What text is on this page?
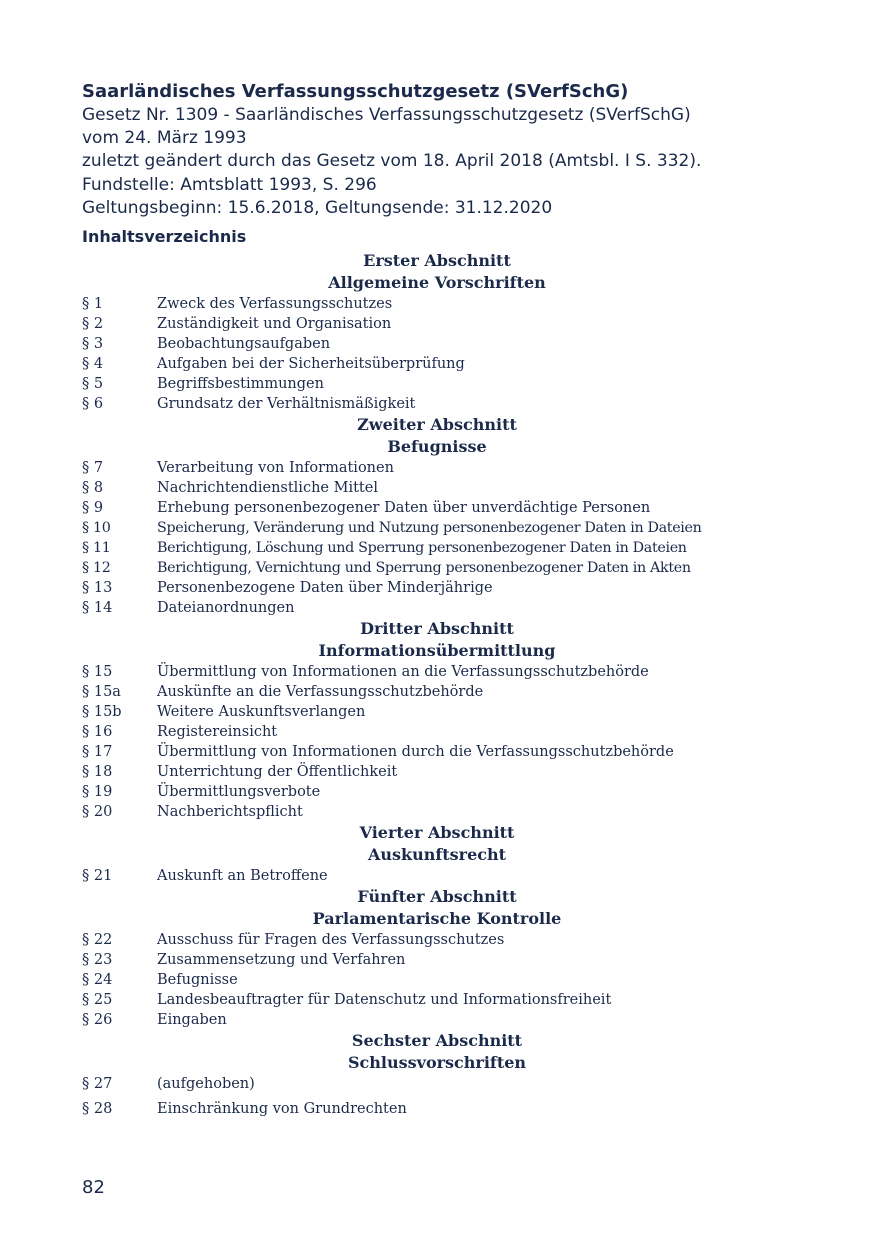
Saarländisches Verfassungsschutzgesetz (SVerfSchG)
Gesetz Nr. 1309 - Saarländisches Verfassungsschutzgesetz (SVerfSchG)
vom 24. März 1993
zuletzt geändert durch das Gesetz vom 18. April 2018 (Amtsbl. I S. 332).
Fundstelle: Amtsblatt 1993, S. 296
Geltungsbeginn: 15.6.2018, Geltungsende: 31.12.2020
Inhaltsverzeichnis
Erster Abschnitt
Allgemeine Vorschriften
§ 1	Zweck des Verfassungsschutzes
§ 2	Zuständigkeit und Organisation
§ 3	Beobachtungsaufgaben
§ 4	Aufgaben bei der Sicherheitsüberprüfung
§ 5	Begriffsbestimmungen
§ 6	Grundsatz der Verhältnismäßigkeit
Zweiter Abschnitt
Befugnisse
§ 7	Verarbeitung von Informationen
§ 8	Nachrichtendienstliche Mittel
§ 9	Erhebung personenbezogener Daten über unverdächtige Personen
§ 10	Speicherung, Veränderung und Nutzung personenbezogener Daten in Dateien
§ 11	Berichtigung, Löschung und Sperrung personenbezogener Daten in Dateien
§ 12	Berichtigung, Vernichtung und Sperrung personenbezogener Daten in Akten
§ 13	Personenbezogene Daten über Minderjährige
§ 14	Dateianordnungen
Dritter Abschnitt
Informationsübermittlung
§ 15	Übermittlung von Informationen an die Verfassungsschutzbehörde
§ 15a Auskünfte an die Verfassungsschutzbehörde
§ 15b Weitere Auskunftsverlangen
§ 16	Registereinsicht
§ 17	Übermittlung von Informationen durch die Verfassungsschutzbehörde
§ 18	Unterrichtung der Öffentlichkeit
§ 19	Übermittlungsverbote
§ 20	Nachberichtspflicht
Vierter Abschnitt
Auskunftsrecht
§ 21	Auskunft an Betroffene
Fünfter Abschnitt
Parlamentarische Kontrolle
§ 22	Ausschuss für Fragen des Verfassungsschutzes
§ 23	Zusammensetzung und Verfahren
§ 24	Befugnisse
§ 25	Landesbeauftragter für Datenschutz und Informationsfreiheit
§ 26	Eingaben
Sechster Abschnitt
Schlussvorschriften
§ 27	(aufgehoben)
§ 28	Einschränkung von Grundrechten
82
